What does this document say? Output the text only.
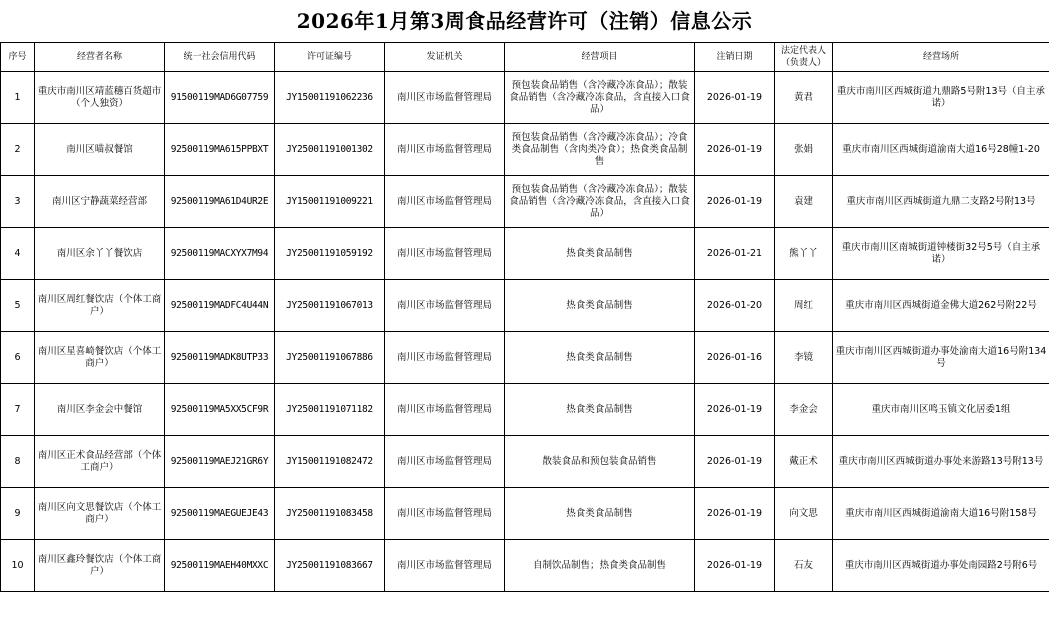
2026年1月第3周食品经营许可（注销）信息公示
序号	经营者名称	统一社会信用代码	许可证编号	发证机关	经营项目	注销日期	法定代表人（负责人）	经营场所
1	重庆市南川区靖蓝穗百货超市（个人独资）	91500119MAD6G07759	JY15001191062236	南川区市场监督管理局	预包装食品销售（含冷藏冷冻食品）；散装食品销售（含冷藏冷冻食品，含直接入口食品）	2026-01-19	黄君	重庆市南川区西城街道九鼎路5号附13号（自主承诺）
2	南川区喵叔餐馆	92500119MA615PPBXT	JY25001191001302	南川区市场监督管理局	预包装食品销售（含冷藏冷冻食品）；冷食类食品制售（含肉类冷食）；热食类食品制售	2026-01-19	张娟	重庆市南川区西城街道渝南大道16号28幢1-20
3	南川区宁静蔬菜经营部	92500119MA61D4UR2E	JY15001191009221	南川区市场监督管理局	预包装食品销售（含冷藏冷冻食品）；散装食品销售（含冷藏冷冻食品，含直接入口食品）	2026-01-19	袁建	重庆市南川区西城街道九鼎二支路2号附13号
4	南川区余丫丫餐饮店	92500119MACXYX7M94	JY25001191059192	南川区市场监督管理局	热食类食品制售	2026-01-21	熊丫丫	重庆市南川区南城街道钟楼街32号5号（自主承诺）
5	南川区周红餐饮店（个体工商户）	92500119MADFC4U44N	JY25001191067013	南川区市场监督管理局	热食类食品制售	2026-01-20	周红	重庆市南川区西城街道金佛大道262号附22号
6	南川区星喜崎餐饮店（个体工商户）	92500119MADK8UTP33	JY25001191067886	南川区市场监督管理局	热食类食品制售	2026-01-16	李镜	重庆市南川区西城街道办事处渝南大道16号附134号
7	南川区李金会中餐馆	92500119MA5XX5CF9R	JY25001191071182	南川区市场监督管理局	热食类食品制售	2026-01-19	李金会	重庆市南川区鸣玉镇文化居委1组
8	南川区正术食品经营部（个体工商户）	92500119MAEJ21GR6Y	JY15001191082472	南川区市场监督管理局	散装食品和预包装食品销售	2026-01-19	戴正术	重庆市南川区西城街道办事处来游路13号附13号
9	南川区向文思餐饮店（个体工商户）	92500119MAEGUEJE43	JY25001191083458	南川区市场监督管理局	热食类食品制售	2026-01-19	向文思	重庆市南川区西城街道渝南大道16号附158号
10	南川区鑫玲餐饮店（个体工商户）	92500119MAEH40MXXC	JY25001191083667	南川区市场监督管理局	自制饮品制售；热食类食品制售	2026-01-19	石友	重庆市南川区西城街道办事处南园路2号附6号
